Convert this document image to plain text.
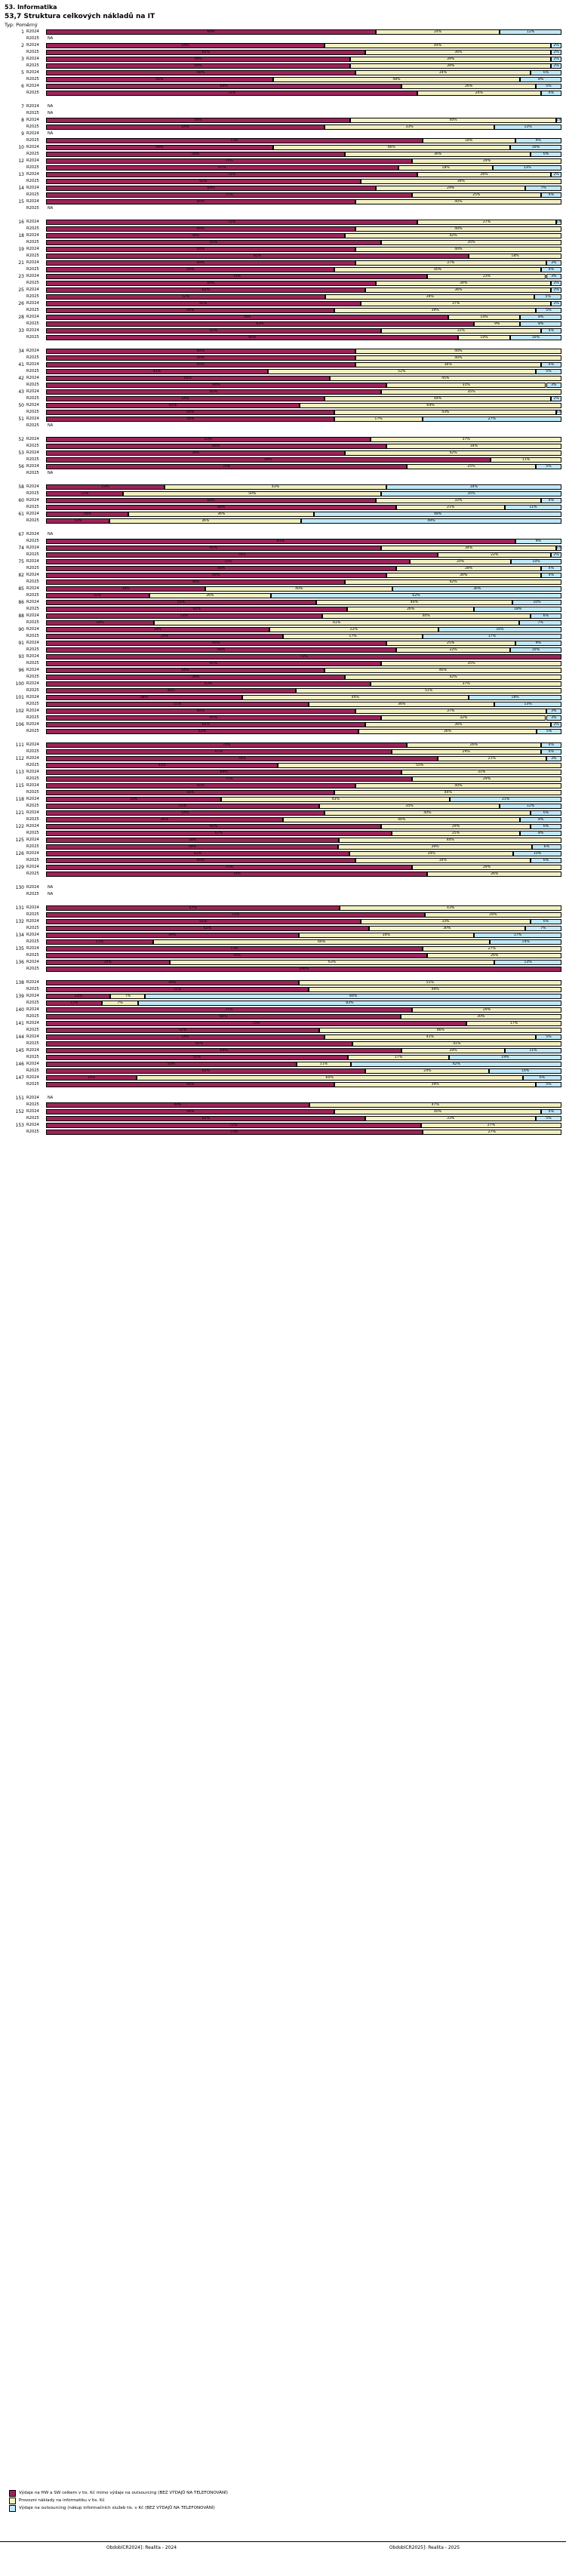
53. Informatika
53,7 Struktura celkových nákladů na IT
Typ: Poměrný
1 R2024	64%	24%	12%
R2025	NA
2 R2024	54%	44%	2%
R2025	62%	36%	2%
3 R2024	59%	39%	2%
R2025	59%	39%	2%
5 R2024	60%	34%	6%
R2025	44%	48%	8%
6 R2024	69%	26%	5%
R2025	72%	24%	4%
7 R2024	NA
R2025	NA
8 R2024	59%	40%	1%
R2025	54%	33%	13%
9 R2024	NA
R2025	73%	18%	9%
10 R2024	44%	46%	10%
R2025	58%	36%	6%
12 R2024	71%	29%
R2025	67%	18%	13%
13 R2024	72%	26%	2%
R2025	61%	39%
14 R2024	64%	29%	7%
R2025	71%	25%	4%
15 R2024	60%	40%
R2025	NA
16 R2024	72%	27%	1%
R2025	60%	40%
18 R2024	58%	42%
R2025	65%	35%
19 R2024	60%	40%
R2025	82%	18%
21 R2024	60%	37%	3%
R2025	56%	40%	4%
23 R2024	74%	23%	3%
R2025	64%	34%	2%
25 R2024	62%	36%	2%
R2025	52%	39%	5%
26 R2024	61%	37%	2%
R2025	56%	39%	5%
28 R2024	78%	14%	8%
R2025	83%	9%	8%
33 R2024	65%	31%	4%
R2025	80%	10%	10%
34 R2024	60%	40%
R2025	60%	40%
41 R2024	60%	36%	4%
R2025	43%	52%	5%
42 R2024	55%	45%
R2025	66%	31%	3%
43 R2024	65%	35%
R2025	54%	44%	2%
50 R2024	62%	64%
R2025	56%	43%	1%
51 R2024	56%	17%	27%
R2025	NA
52 R2024	63%	37%
R2025	66%	34%
53 R2024	58%	42%
R2025	69%	11%
56 R2024	70%	25%	5%
R2025	NA
58 R2024	23%	43%	34%
R2025	15%	50%	35%
60 R2024	64%	32%	4%
R2025	68%	21%	11%
61 R2024	16%	36%	48%
R2025	12%	36%	49%
67 R2024	NA
R2025	91%	9%
74 R2024	65%	34%	1%
R2025	76%	22%	2%
75 R2024	72%	20%	10%
R2025	68%	28%	4%
82 R2024	66%	30%	4%
R2025	58%	42%
85 R2024	34%	40%	36%
R2025	22%	26%	62%
86 R2024	55%	40%	10%
R2025	62%	26%	18%
88 R2024	53%	40%	6%
R2025	18%	61%	7%
90 R2024	29%	22%	16%
R2025	29%	17%	17%
91 R2024	66%	25%	9%
R2025	68%	22%	10%
93 R2024	73%
R2025	65%	35%
96 R2024	54%	46%
R2025	58%	42%
100 R2024	63%	37%
R2025	48%	51%
101 R2024	38%	44%	18%
R2025	51%	36%	13%
102 R2024	60%	37%	3%
R2025	65%	32%	3%
106 R2024	62%	36%	2%
R2025	63%	36%	5%
111 R2024	70%	26%	4%
R2025	67%	29%	4%
112 R2024	76%	21%	3%
R2025	45%	55%
113 R2024	69%	31%
R2025	71%	29%
115 R2024	60%	40%
R2025	56%	44%
118 R2024	33%	43%	21%
R2025	53%	35%	12%
121 R2024	54%	40%	6%
R2025	46%	46%	8%
122 R2024	65%	29%	6%
R2025	67%	25%	8%
125 R2024	58%	44%
R2025	59%	39%	6%
126 R2024	63%	34%	10%
R2025	60%	34%	6%
129 R2024	71%	29%
R2025	74%	26%
130 R2024	NA
R2025	NA
131 R2024	57%	43%
R2025	72%	26%
132 R2024	61%	33%	6%
R2025	62%	30%	7%
134 R2024	49%	34%	17%
R2025	21%	66%	14%
135 R2024	73%	27%
R2025	74%	26%
136 R2024	24%	63%	13%
R2025	100%
138 R2024	49%	51%
R2025	51%	49%
139 R2024	13%	7%	84%
R2025	11%	7%	83%
140 R2024	71%	29%
R2025	66%	30%
141 R2024	75%	17%
R2025	52%	46%
144 R2024	54%	41%	5%
R2025	60%	41%
145 R2024	69%	20%	11%
R2025	51%	17%	19%
146 R2024	50%	11%	42%
R2025	62%	24%	14%
147 R2024	14%	60%	6%
R2025	56%	39%	5%
151 R2024	NA
R2025	49%	47%
152 R2024	56%	40%	4%
R2025	62%	33%	5%
153 R2024	72%	27%
R2025	73%	27%
Výdaje na HW a SW celkem v tis. Kč mimo výdaje na outsourcing (BEZ VÝDAJŮ NA TELEFONOVÁNÍ)
Provozní náklady na informatiku v tis. Kč
Výdaje na outsourcing (nákup informačních služeb tis. v Kč (BEZ VÝDAJŮ NA TELEFONOVÁNÍ)
ObdobíCR2024]: Realita - 2024	ObdobíCR2025]: Realita - 2025
